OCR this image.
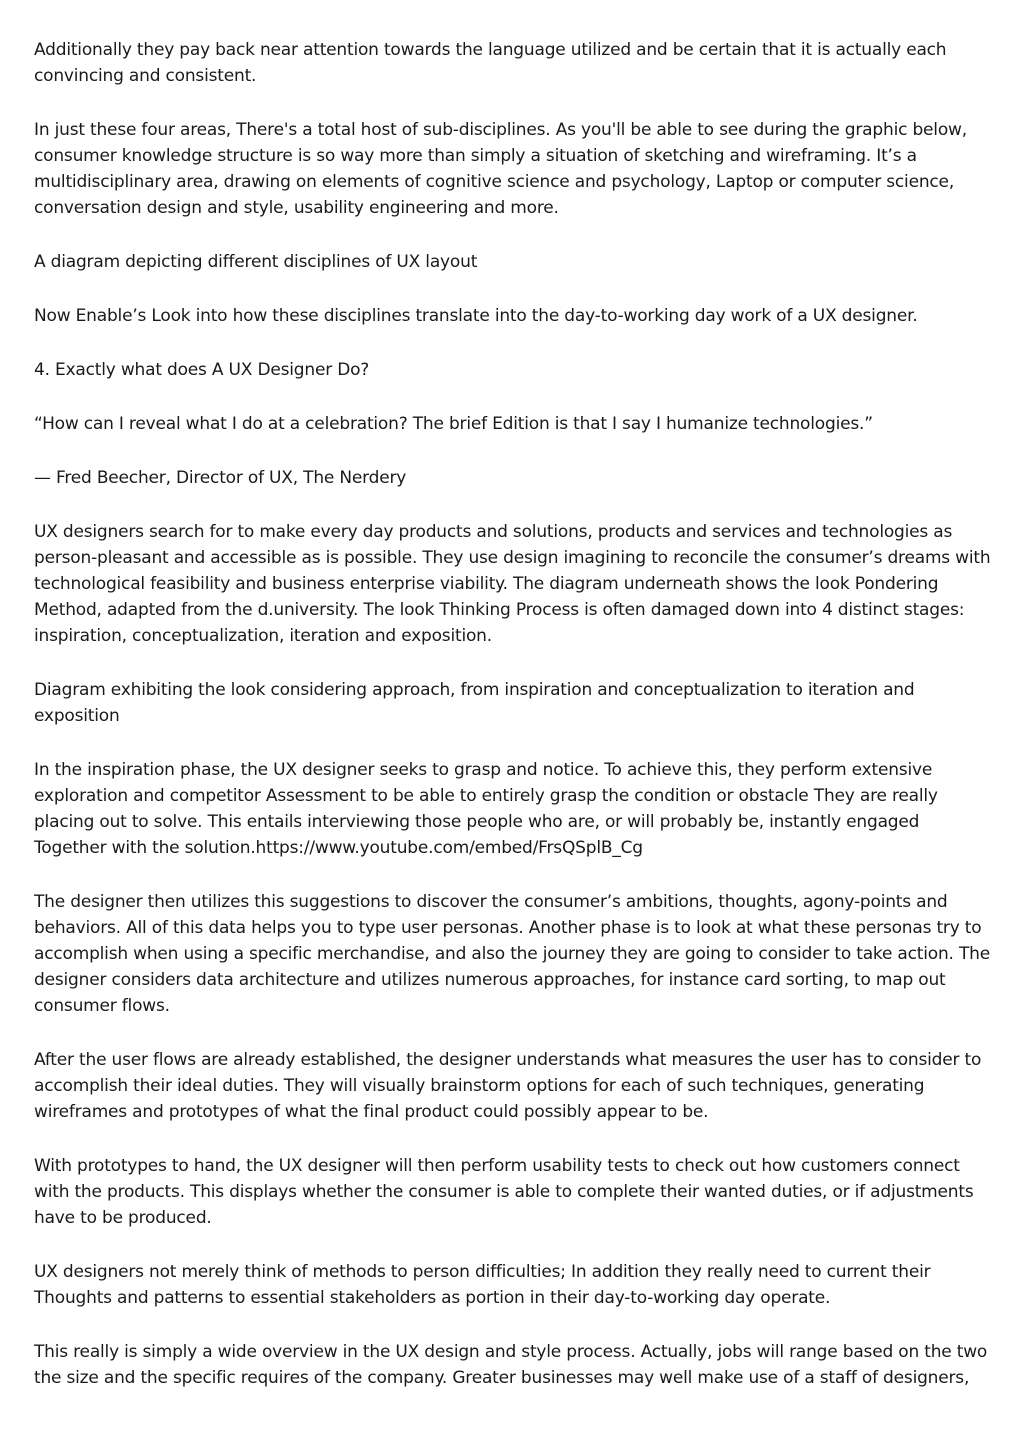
Additionally they pay back near attention towards the language utilized and be certain that it is actually each convincing and consistent.

In just these four areas, There's a total host of sub-disciplines. As you'll be able to see during the graphic below, consumer knowledge structure is so way more than simply a situation of sketching and wireframing. It’s a multidisciplinary area, drawing on elements of cognitive science and psychology, Laptop or computer science, conversation design and style, usability engineering and more.

A diagram depicting different disciplines of UX layout

Now Enable’s Look into how these disciplines translate into the day-to-working day work of a UX designer.

4. Exactly what does A UX Designer Do?

“How can I reveal what I do at a celebration? The brief Edition is that I say I humanize technologies.”

— Fred Beecher, Director of UX, The Nerdery

UX designers search for to make every day products and solutions, products and services and technologies as person-pleasant and accessible as is possible. They use design imagining to reconcile the consumer’s dreams with technological feasibility and business enterprise viability. The diagram underneath shows the look Pondering Method, adapted from the d.university. The look Thinking Process is often damaged down into 4 distinct stages: inspiration, conceptualization, iteration and exposition.

Diagram exhibiting the look considering approach, from inspiration and conceptualization to iteration and exposition

In the inspiration phase, the UX designer seeks to grasp and notice. To achieve this, they perform extensive exploration and competitor Assessment to be able to entirely grasp the condition or obstacle They are really placing out to solve. This entails interviewing those people who are, or will probably be, instantly engaged Together with the solution.https://www.youtube.com/embed/FrsQSplB_Cg

The designer then utilizes this suggestions to discover the consumer’s ambitions, thoughts, agony-points and behaviors. All of this data helps you to type user personas. Another phase is to look at what these personas try to accomplish when using a specific merchandise, and also the journey they are going to consider to take action. The designer considers data architecture and utilizes numerous approaches, for instance card sorting, to map out consumer flows.

After the user flows are already established, the designer understands what measures the user has to consider to accomplish their ideal duties. They will visually brainstorm options for each of such techniques, generating wireframes and prototypes of what the final product could possibly appear to be.

With prototypes to hand, the UX designer will then perform usability tests to check out how customers connect with the products. This displays whether the consumer is able to complete their wanted duties, or if adjustments have to be produced.

UX designers not merely think of methods to person difficulties; In addition they really need to current their Thoughts and patterns to essential stakeholders as portion in their day-to-working day operate.

This really is simply a wide overview in the UX design and style process. Actually, jobs will range based on the two the size and the specific requires of the company. Greater businesses may well make use of a staff of designers,
